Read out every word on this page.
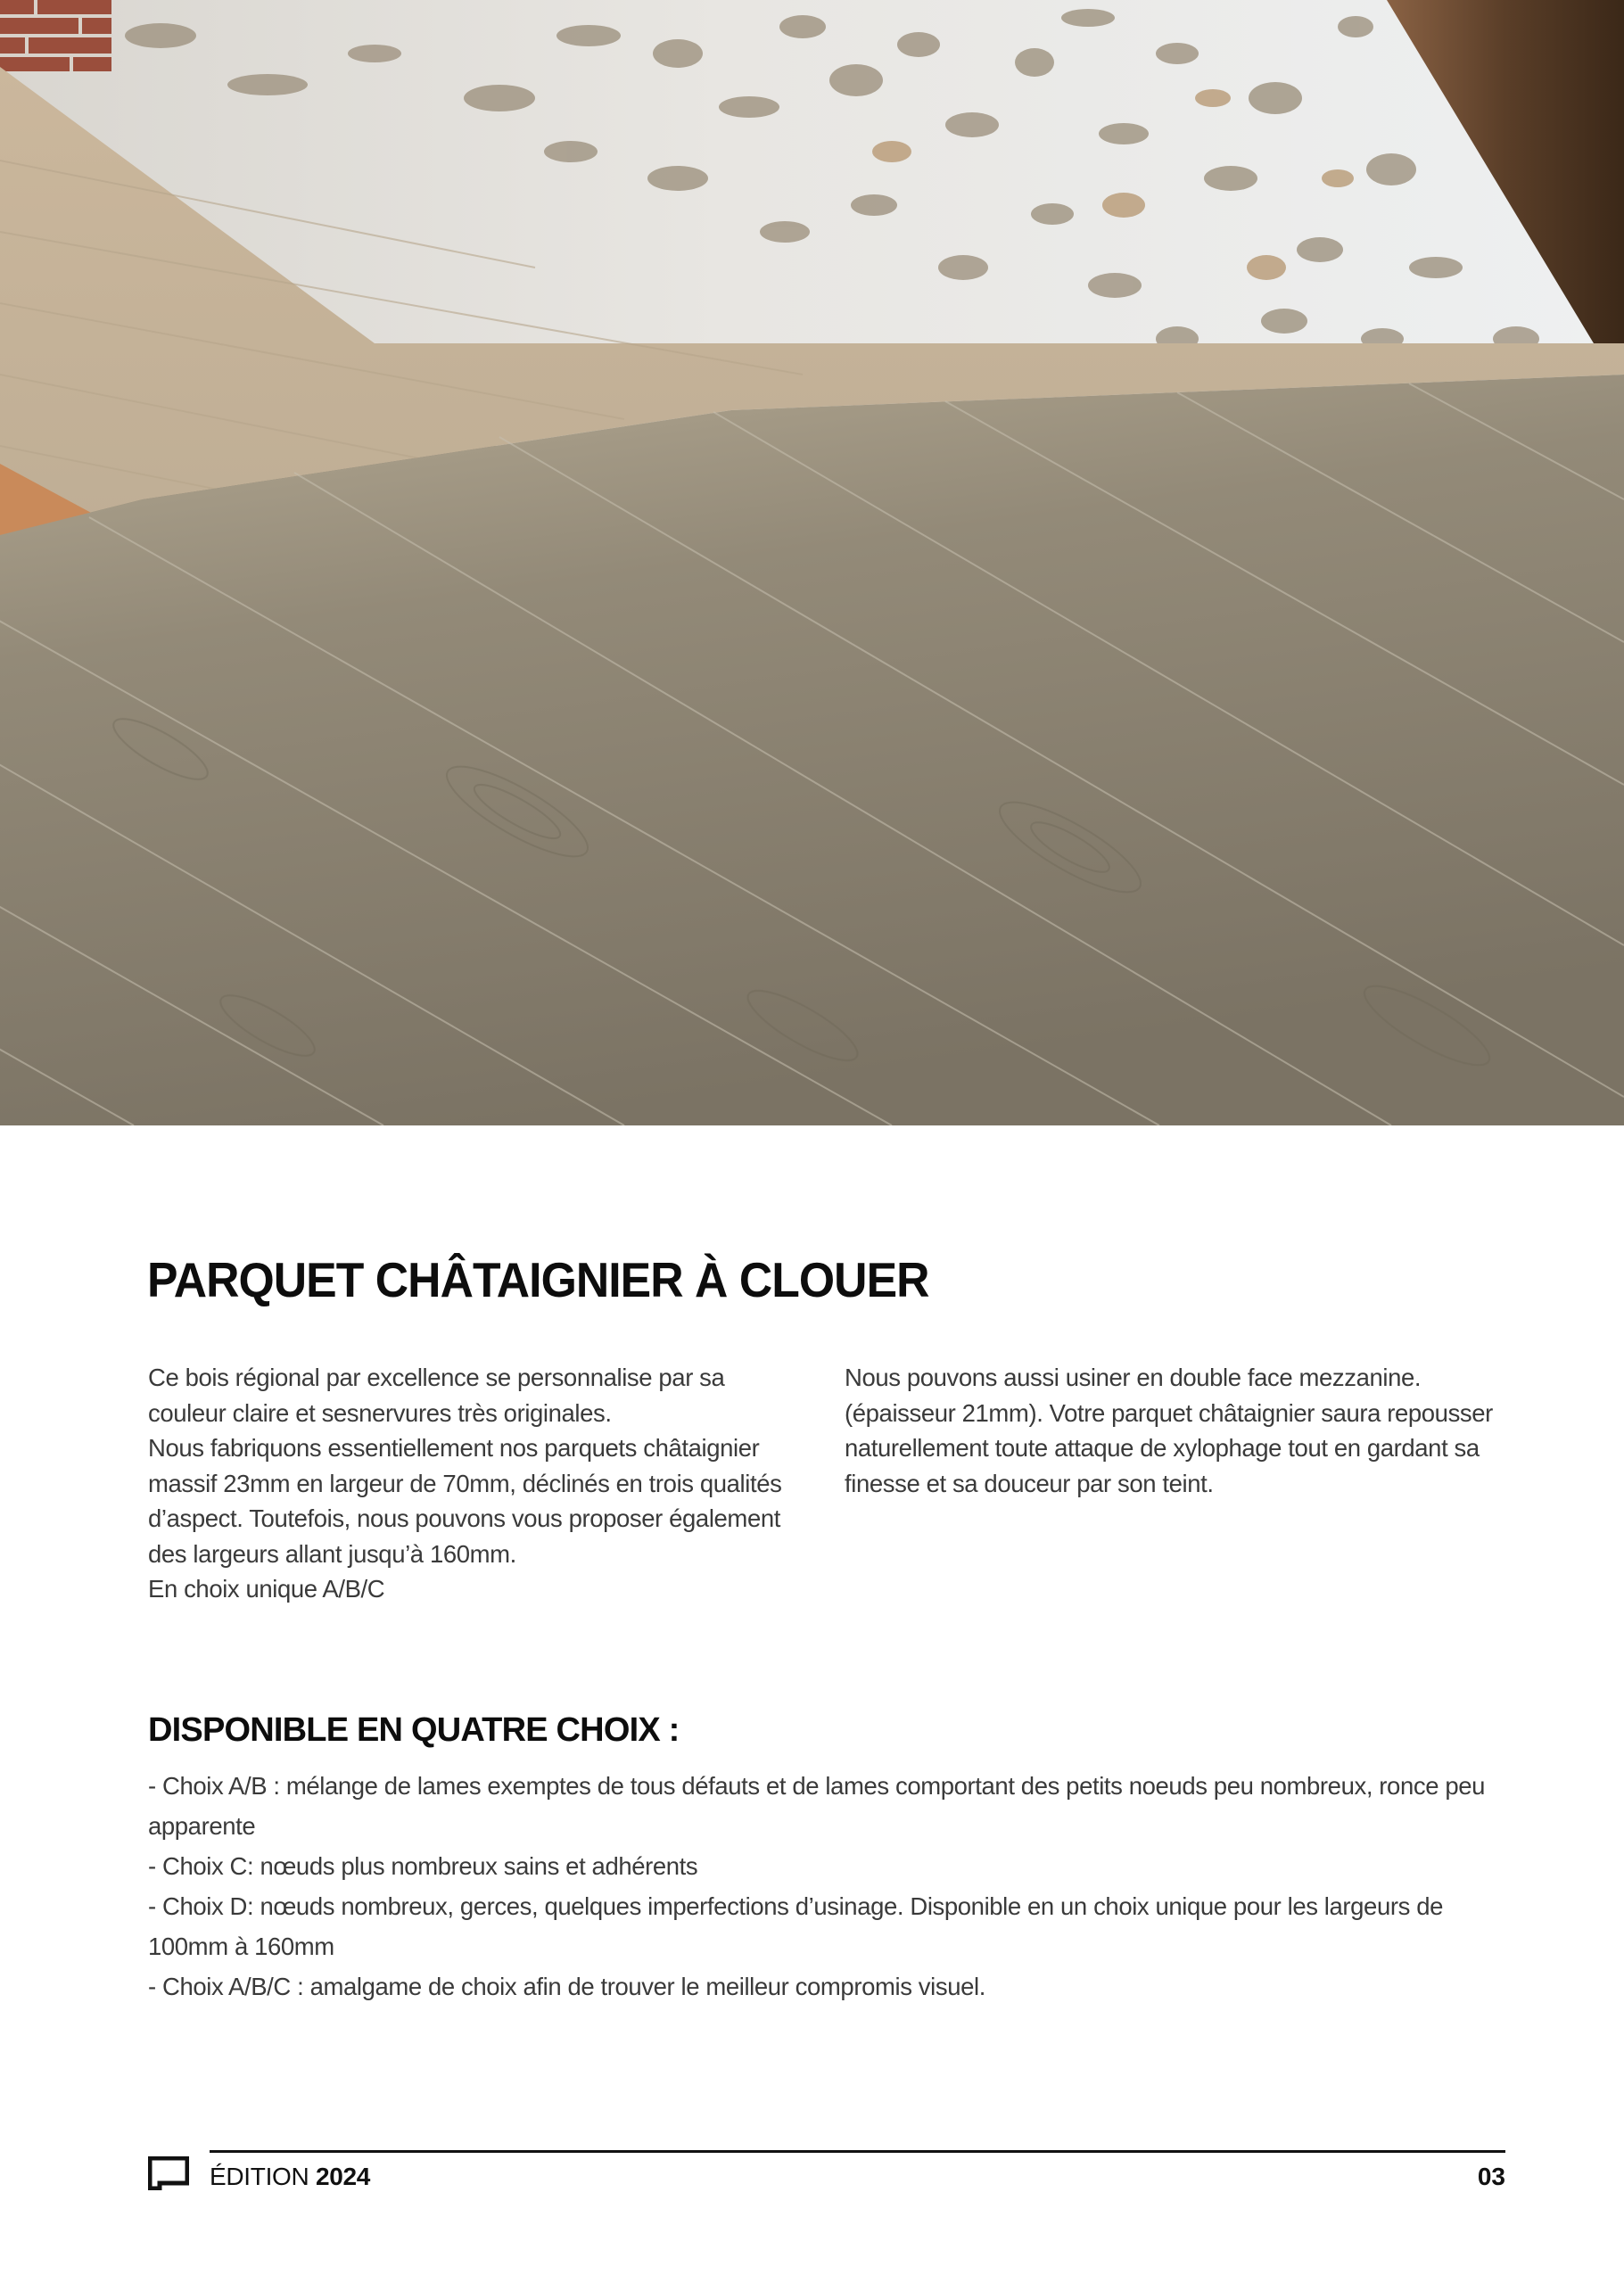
PARQUET CHÂTAIGNIER À CLOUER

Ce bois régional par excellence se personnalise par sa couleur claire et sesnervures très originales.

Nous fabriquons essentiellement nos parquets châtaignier massif 23mm en largeur de 70mm, déclinés en trois qualités d’aspect. Toutefois, nous pouvons vous proposer également des largeurs allant jusqu’à 160mm.

En choix unique A/B/C

Nous pouvons aussi usiner en double face mezzanine. (épaisseur 21mm). Votre parquet châtaignier saura repousser naturellement toute attaque de xylophage tout en gardant sa finesse et sa douceur par son teint.

DISPONIBLE EN QUATRE CHOIX :
- Choix A/B : mélange de lames exemptes de tous défauts et de lames comportant des petits noeuds peu nombreux, ronce peu apparente
- Choix C: nœuds plus nombreux sains et adhérents
- Choix D: nœuds nombreux, gerces, quelques imperfections d’usinage. Disponible en un choix unique pour les largeurs de 100mm à 160mm
- Choix A/B/C : amalgame de choix afin de trouver le meilleur compromis visuel.
ÉDITION 2024	03
